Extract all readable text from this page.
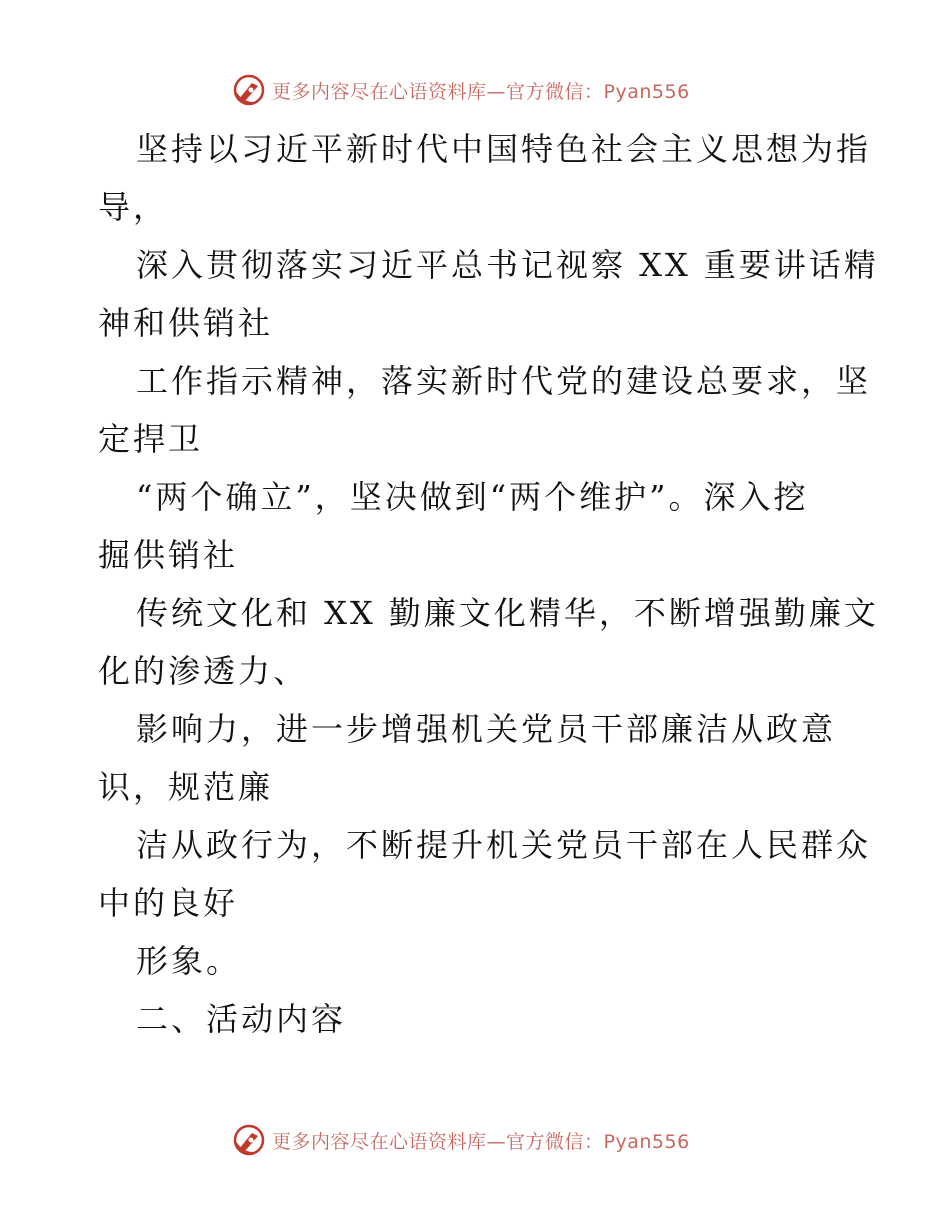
更多内容尽在心语资料库—官方微信：Pyan556
坚持以习近平新时代中国特色社会主义思想为指
导，
深入贯彻落实习近平总书记视察 XX 重要讲话精
神和供销社
工作指示精神，落实新时代党的建设总要求，坚
定捍卫
“两个确立”，坚决做到“两个维护”。深入挖
掘供销社
传统文化和 XX 勤廉文化精华，不断增强勤廉文
化的渗透力、
影响力，进一步增强机关党员干部廉洁从政意
识，规范廉
洁从政行为，不断提升机关党员干部在人民群众
中的良好
形象。
二、活动内容
更多内容尽在心语资料库—官方微信：Pyan556
